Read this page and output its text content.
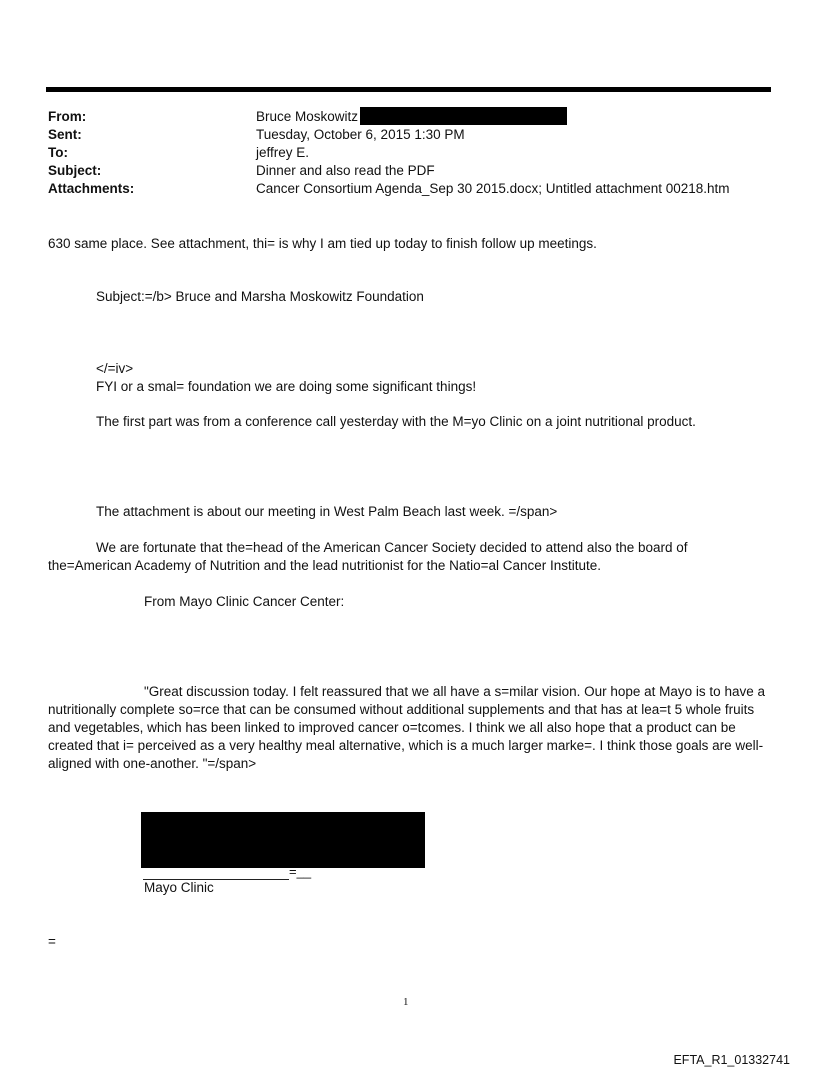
From:	Bruce Moskowitz
Sent:	Tuesday, October 6, 2015 1:30 PM
To:	jeffrey E.
Subject:	Dinner and also read the PDF
Attachments:	Cancer Consortium Agenda_Sep 30 2015.docx; Untitled attachment 00218.htm
630 same place. See attachment, thi= is why I am tied up today to finish follow up meetings.
Subject:=/b> Bruce and Marsha Moskowitz Foundation
</=iv>
FYI or a smal= foundation we are doing some significant things!
The first part was from a conference call yesterday with the M=yo Clinic on a joint nutritional product.
The attachment is about our meeting in West Palm Beach last week. =/span>
We are fortunate that the=head of the American Cancer Society decided to attend also the board of
the=American Academy of Nutrition and the lead nutritionist for the Natio=al Cancer Institute.
From Mayo Clinic Cancer Center:
"Great discussion today. I felt reassured that we all have a s=milar vision. Our hope at Mayo is to have a
nutritionally complete so=rce that can be consumed without additional supplements and that has at lea=t 5 whole fruits
and vegetables, which has been linked to improved cancer o=tcomes. I think we all also hope that a product can be
created that i= perceived as a very healthy meal alternative, which is a much larger marke=. I think those goals are well-
aligned with one-another. "=/span>
=__
Mayo Clinic
=
1
EFTA_R1_01332741
